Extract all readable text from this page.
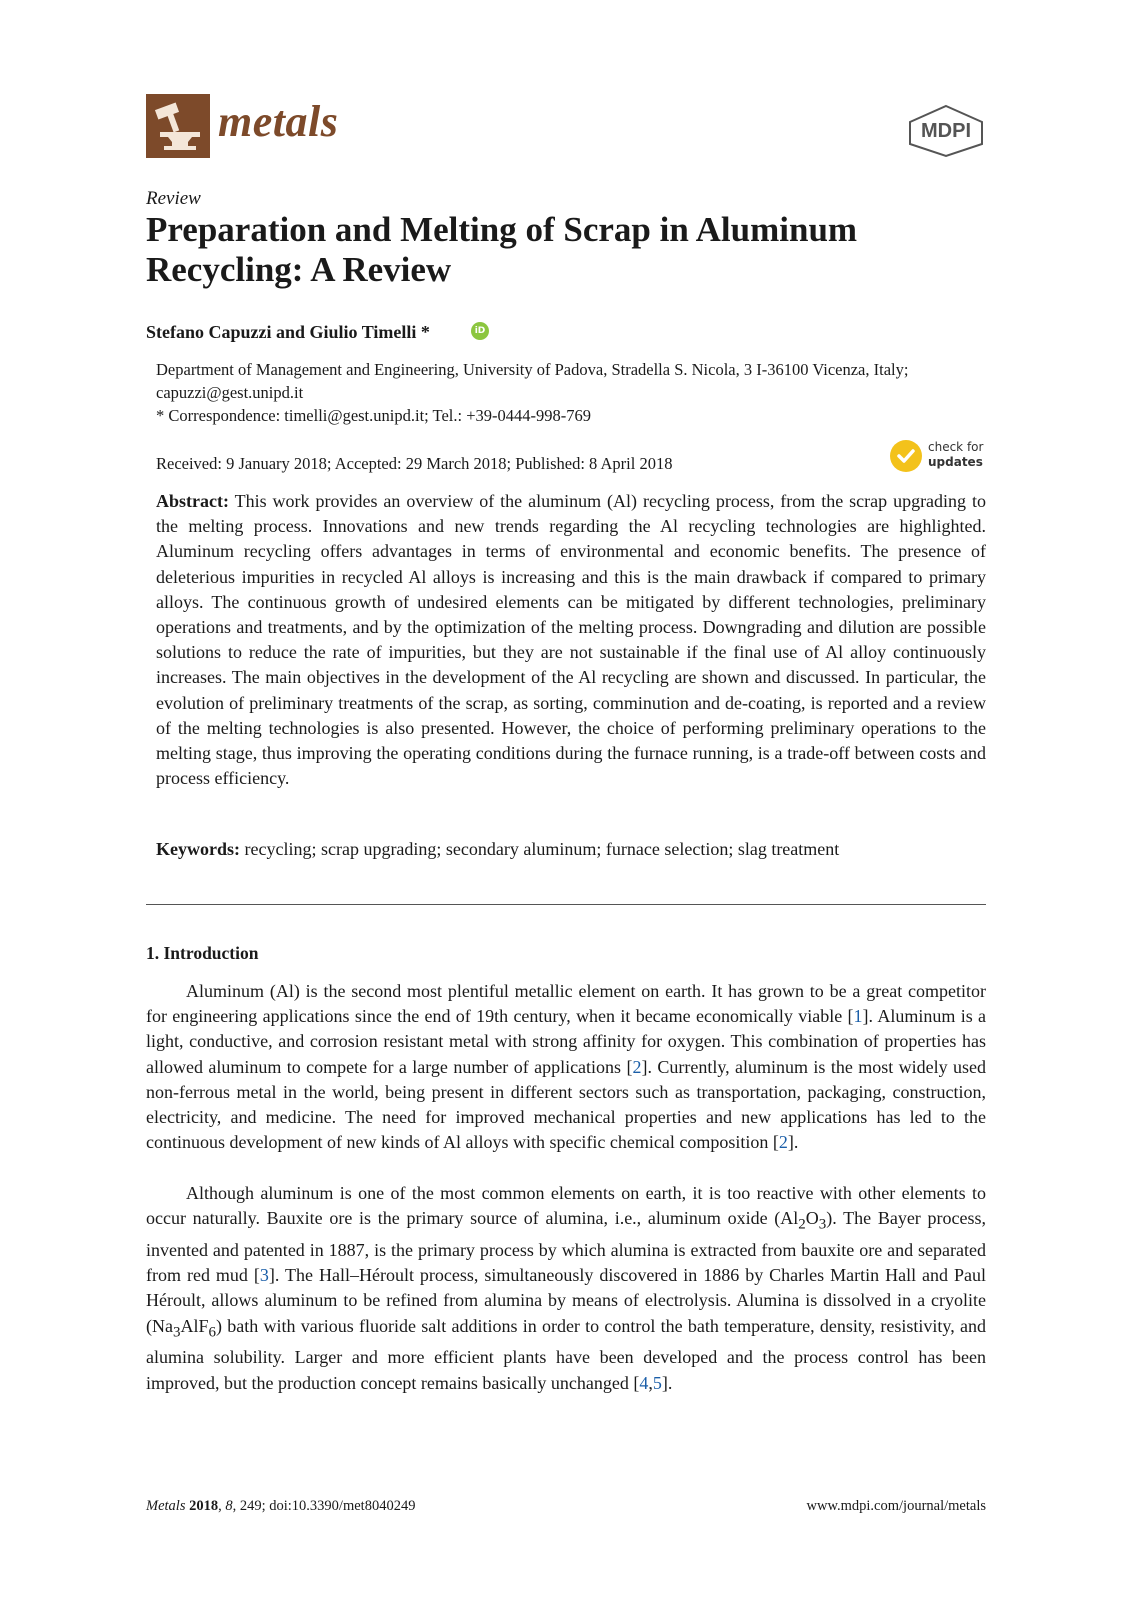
metals	MDPI
Review
Preparation and Melting of Scrap in Aluminum Recycling: A Review
Stefano Capuzzi and Giulio Timelli *	iD
Department of Management and Engineering, University of Padova, Stradella S. Nicola, 3 I-36100 Vicenza, Italy;
capuzzi@gest.unipd.it
* Correspondence: timelli@gest.unipd.it; Tel.: +39-0444-998-769
Received: 9 January 2018; Accepted: 29 March 2018; Published: 8 April 2018
check for
updates
Abstract: This work provides an overview of the aluminum (Al) recycling process, from the scrap upgrading to the melting process. Innovations and new trends regarding the Al recycling technologies are highlighted. Aluminum recycling offers advantages in terms of environmental and economic benefits. The presence of deleterious impurities in recycled Al alloys is increasing and this is the main drawback if compared to primary alloys. The continuous growth of undesired elements can be mitigated by different technologies, preliminary operations and treatments, and by the optimization of the melting process. Downgrading and dilution are possible solutions to reduce the rate of impurities, but they are not sustainable if the final use of Al alloy continuously increases. The main objectives in the development of the Al recycling are shown and discussed. In particular, the evolution of preliminary treatments of the scrap, as sorting, comminution and de-coating, is reported and a review of the melting technologies is also presented. However, the choice of performing preliminary operations to the melting stage, thus improving the operating conditions during the furnace running, is a trade-off between costs and process efficiency.
Keywords: recycling; scrap upgrading; secondary aluminum; furnace selection; slag treatment
1. Introduction
Aluminum (Al) is the second most plentiful metallic element on earth. It has grown to be a great competitor for engineering applications since the end of 19th century, when it became economically viable [1]. Aluminum is a light, conductive, and corrosion resistant metal with strong affinity for oxygen. This combination of properties has allowed aluminum to compete for a large number of applications [2]. Currently, aluminum is the most widely used non-ferrous metal in the world, being present in different sectors such as transportation, packaging, construction, electricity, and medicine. The need for improved mechanical properties and new applications has led to the continuous development of new kinds of Al alloys with specific chemical composition [2].
Although aluminum is one of the most common elements on earth, it is too reactive with other elements to occur naturally. Bauxite ore is the primary source of alumina, i.e., aluminum oxide $(Al_2O_3)$. The Bayer process, invented and patented in 1887, is the primary process by which alumina is extracted from bauxite ore and separated from red mud [3]. The Hall–Héroult process, simultaneously discovered in 1886 by Charles Martin Hall and Paul Héroult, allows aluminum to be refined from alumina by means of electrolysis. Alumina is dissolved in a cryolite $(Na_3AlF_6)$ bath with various fluoride salt additions in order to control the bath temperature, density, resistivity, and alumina solubility. Larger and more efficient plants have been developed and the process control has been improved, but the production concept remains basically unchanged [4,5].
Metals 2018, 8, 249; doi:10.3390/met8040249	www.mdpi.com/journal/metals
